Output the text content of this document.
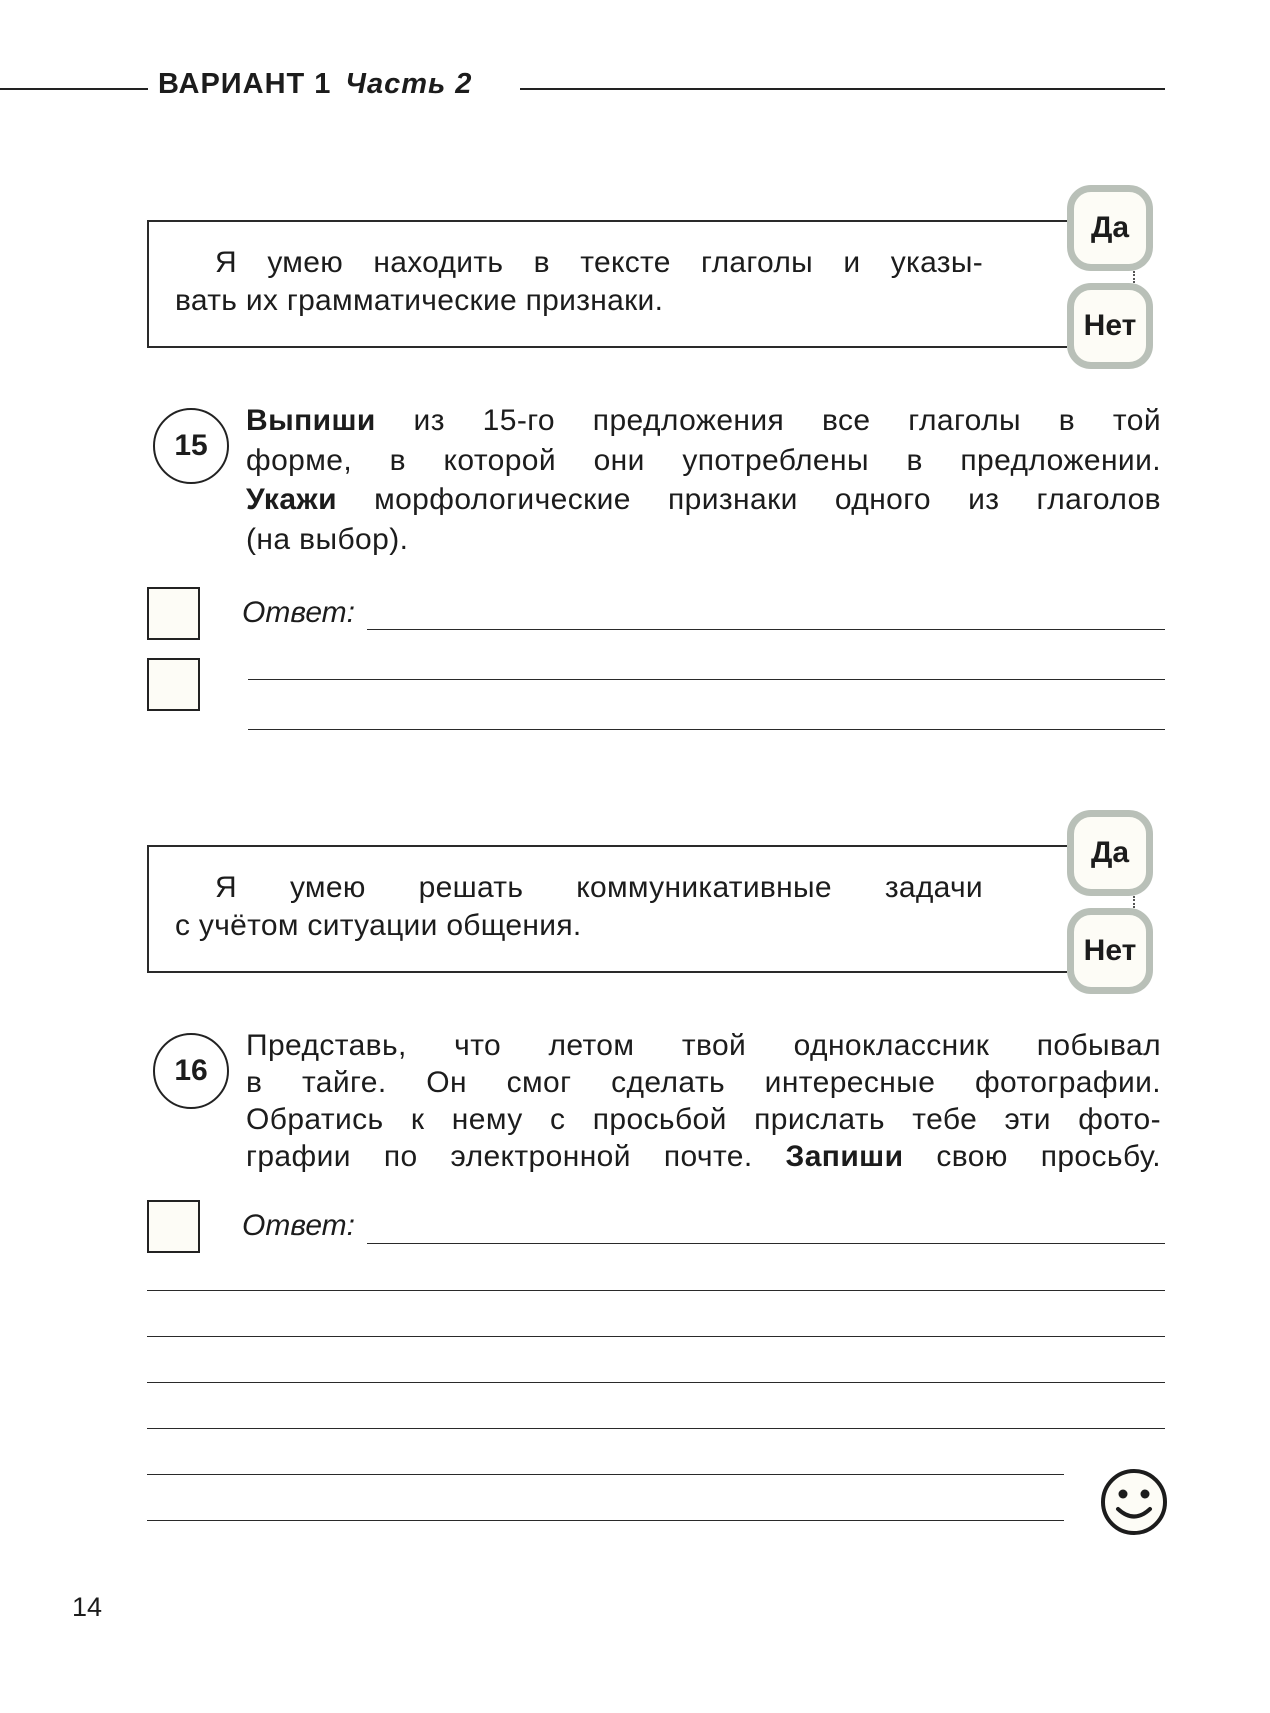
ВАРИАНТ 1 Часть 2
Я умею находить в тексте глаголы и указы-
вать их грамматические признаки.
Да
Нет
15
Выпиши из 15-го предложения все глаголы в той
форме, в которой они употреблены в предложении.
Укажи морфологические признаки одного из глаголов
(на выбор).
Ответ:
Я умею решать коммуникативные задачи
с учётом ситуации общения.
Да
Нет
16
Представь, что летом твой одноклассник побывал
в тайге. Он смог сделать интересные фотографии.
Обратись к нему с просьбой прислать тебе эти фото-
графии по электронной почте. Запиши свою просьбу.
Ответ:
14
